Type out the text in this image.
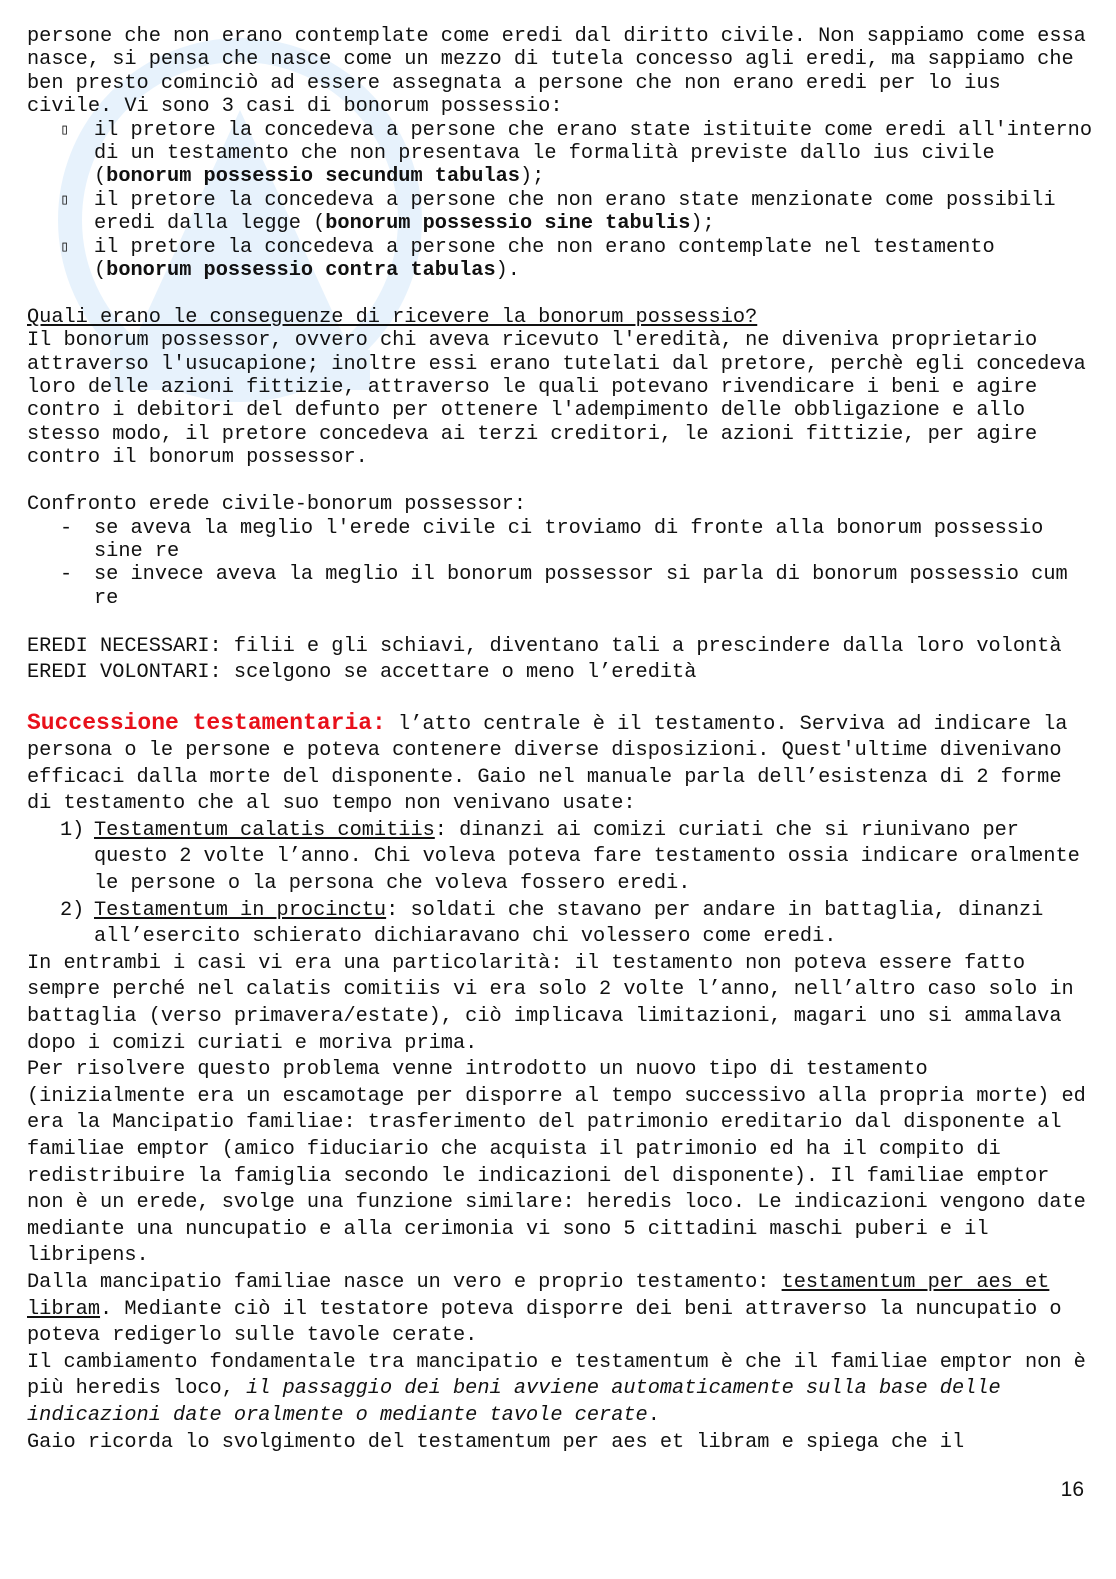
persone che non erano contemplate come eredi dal diritto civile. Non sappiamo come essa nasce, si pensa che nasce come un mezzo di tutela concesso agli eredi, ma sappiamo che ben presto cominciò ad essere assegnata a persone che non erano eredi per lo ius civile. Vi sono 3 casi di bonorum possessio:

▯	il pretore la concedeva a persone che erano state istituite come eredi all'interno di un testamento che non presentava le formalità previste dallo ius civile (bonorum possessio secundum tabulas);
▯	il pretore la concedeva a persone che non erano state menzionate come possibili eredi dalla legge (bonorum possessio sine tabulis);
▯	il pretore la concedeva a persone che non erano contemplate nel testamento (bonorum possessio contra tabulas).

Quali erano le conseguenze di ricevere la bonorum possessio?

Il bonorum possessor, ovvero chi aveva ricevuto l'eredità, ne diveniva proprietario attraverso l'usucapione; inoltre essi erano tutelati dal pretore, perchè egli concedeva loro delle azioni fittizie, attraverso le quali potevano rivendicare i beni e agire contro i debitori del defunto per ottenere l'adempimento delle obbligazione e allo stesso modo, il pretore concedeva ai terzi creditori, le azioni fittizie, per agire contro il bonorum possessor.

Confronto erede civile-bonorum possessor:

-	se aveva la meglio l'erede civile ci troviamo di fronte alla bonorum possessio sine re
-	se invece aveva la meglio il bonorum possessor si parla di bonorum possessio cum re

EREDI NECESSARI: filii e gli schiavi, diventano tali a prescindere dalla loro volontà

EREDI VOLONTARI: scelgono se accettare o meno l’eredità

Successione testamentaria: l’atto centrale è il testamento. Serviva ad indicare la persona o le persone e poteva contenere diverse disposizioni. Quest'ultime divenivano efficaci dalla morte del disponente. Gaio nel manuale parla dell’esistenza di 2 forme di testamento che al suo tempo non venivano usate:

1) Testamentum calatis comitiis: dinanzi ai comizi curiati che si riunivano per questo 2 volte l’anno. Chi voleva poteva fare testamento ossia indicare oralmente le persone o la persona che voleva fossero eredi.
2) Testamentum in procinctu: soldati che stavano per andare in battaglia, dinanzi all’esercito schierato dichiaravano chi volessero come eredi.

In entrambi i casi vi era una particolarità: il testamento non poteva essere fatto sempre perché nel calatis comitiis vi era solo 2 volte l’anno, nell’altro caso solo in battaglia (verso primavera/estate), ciò implicava limitazioni, magari uno si ammalava dopo i comizi curiati e moriva prima.

Per risolvere questo problema venne introdotto un nuovo tipo di testamento (inizialmente era un escamotage per disporre al tempo successivo alla propria morte) ed era la Mancipatio familiae: trasferimento del patrimonio ereditario dal disponente al familiae emptor (amico fiduciario che acquista il patrimonio ed ha il compito di redistribuire la famiglia secondo le indicazioni del disponente). Il familiae emptor non è un erede, svolge una funzione similare: heredis loco. Le indicazioni vengono date mediante una nuncupatio e alla cerimonia vi sono 5 cittadini maschi puberi e il libripens.

Dalla mancipatio familiae nasce un vero e proprio testamento: testamentum per aes et libram. Mediante ciò il testatore poteva disporre dei beni attraverso la nuncupatio o poteva redigerlo sulle tavole cerate.

Il cambiamento fondamentale tra mancipatio e testamentum è che il familiae emptor non è più heredis loco, il passaggio dei beni avviene automaticamente sulla base delle indicazioni date oralmente o mediante tavole cerate.

Gaio ricorda lo svolgimento del testamentum per aes et libram e spiega che il

16
